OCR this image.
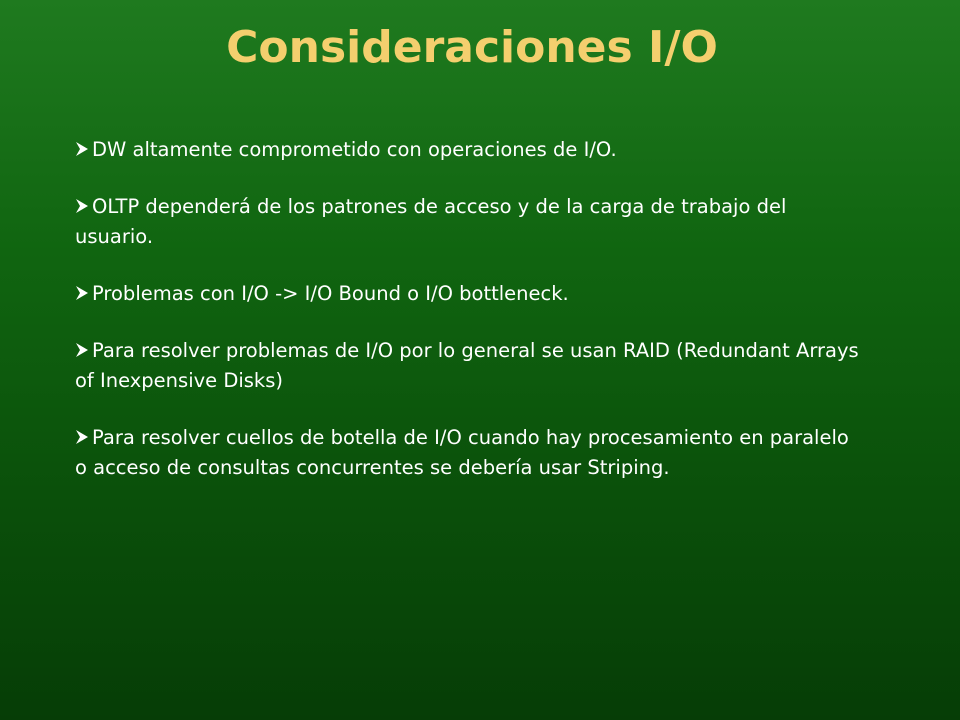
Consideraciones I/O
DW altamente comprometido con operaciones de I/O.
OLTP dependerá de los patrones de acceso y de la carga de trabajo del usuario.
Problemas con I/O -> I/O Bound o I/O bottleneck.
Para resolver problemas de I/O por lo general se usan RAID (Redundant Arrays of Inexpensive Disks)
Para resolver cuellos de botella de I/O cuando hay procesamiento en paralelo o acceso de consultas concurrentes se debería usar Striping.
